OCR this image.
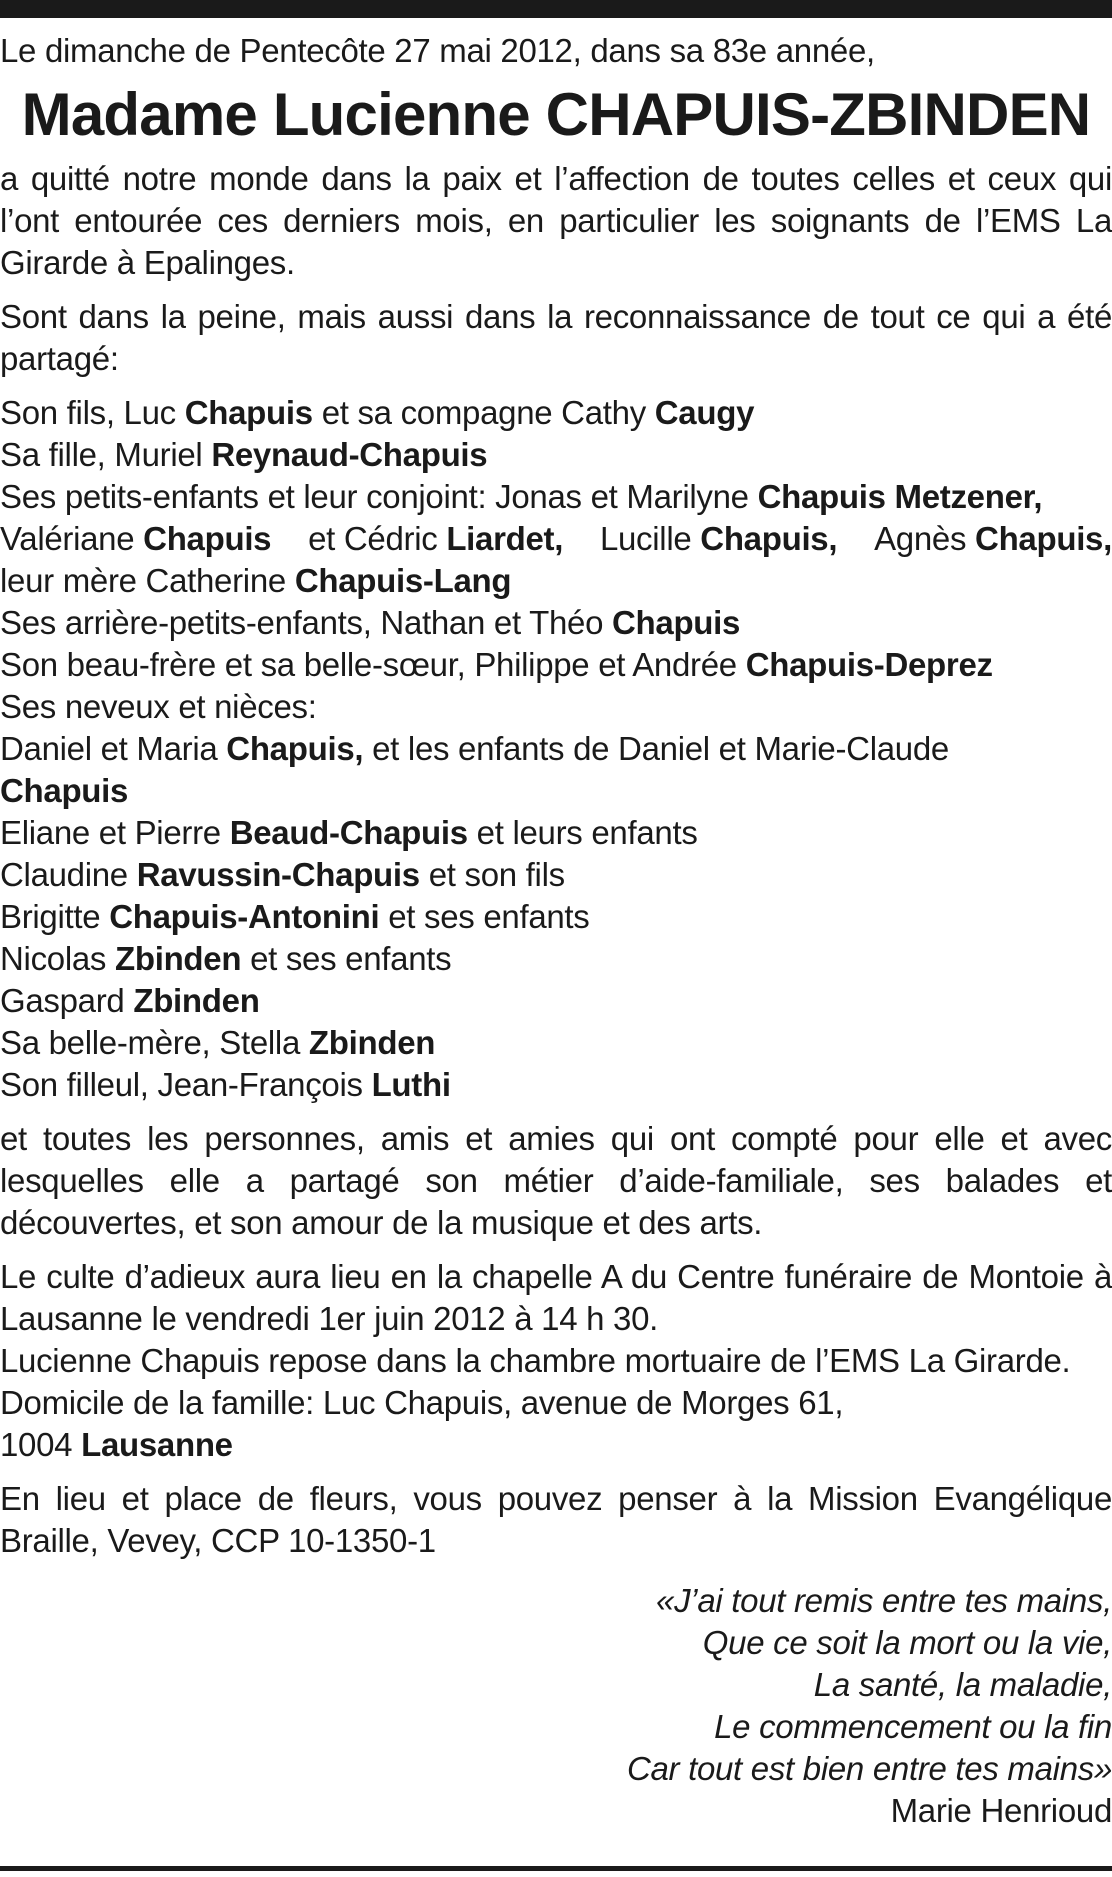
Le dimanche de Pentecôte 27 mai 2012, dans sa 83e année,
Madame Lucienne CHAPUIS-ZBINDEN
a quitté notre monde dans la paix et l’affection de toutes celles et ceux qui l’ont entourée ces derniers mois, en particulier les soignants de l’EMS La Girarde à Epalinges.
Sont dans la peine, mais aussi dans la reconnaissance de tout ce qui a été partagé:
Son fils, Luc Chapuis et sa compagne Cathy Caugy
Sa fille, Muriel Reynaud-Chapuis
Ses petits-enfants et leur conjoint: Jonas et Marilyne Chapuis Metzener,
Valériane Chapuis et Cédric Liardet, Lucille Chapuis, Agnès Chapuis,
leur mère Catherine Chapuis-Lang
Ses arrière-petits-enfants, Nathan et Théo Chapuis
Son beau-frère et sa belle-sœur, Philippe et Andrée Chapuis-Deprez
Ses neveux et nièces:
Daniel et Maria Chapuis, et les enfants de Daniel et Marie-Claude
Chapuis
Eliane et Pierre Beaud-Chapuis et leurs enfants
Claudine Ravussin-Chapuis et son fils
Brigitte Chapuis-Antonini et ses enfants
Nicolas Zbinden et ses enfants
Gaspard Zbinden
Sa belle-mère, Stella Zbinden
Son filleul, Jean-François Luthi
et toutes les personnes, amis et amies qui ont compté pour elle et avec lesquelles elle a partagé son métier d’aide-familiale, ses balades et découvertes, et son amour de la musique et des arts.
Le culte d’adieux aura lieu en la chapelle A du Centre funéraire de Montoie à Lausanne le vendredi 1er juin 2012 à 14 h 30.
Lucienne Chapuis repose dans la chambre mortuaire de l’EMS La Girarde.
Domicile de la famille: Luc Chapuis, avenue de Morges 61,
1004 Lausanne
En lieu et place de fleurs, vous pouvez penser à la Mission Evangélique Braille, Vevey, CCP 10-1350-1
«J’ai tout remis entre tes mains,
Que ce soit la mort ou la vie,
La santé, la maladie,
Le commencement ou la fin
Car tout est bien entre tes mains»
Marie Henrioud
